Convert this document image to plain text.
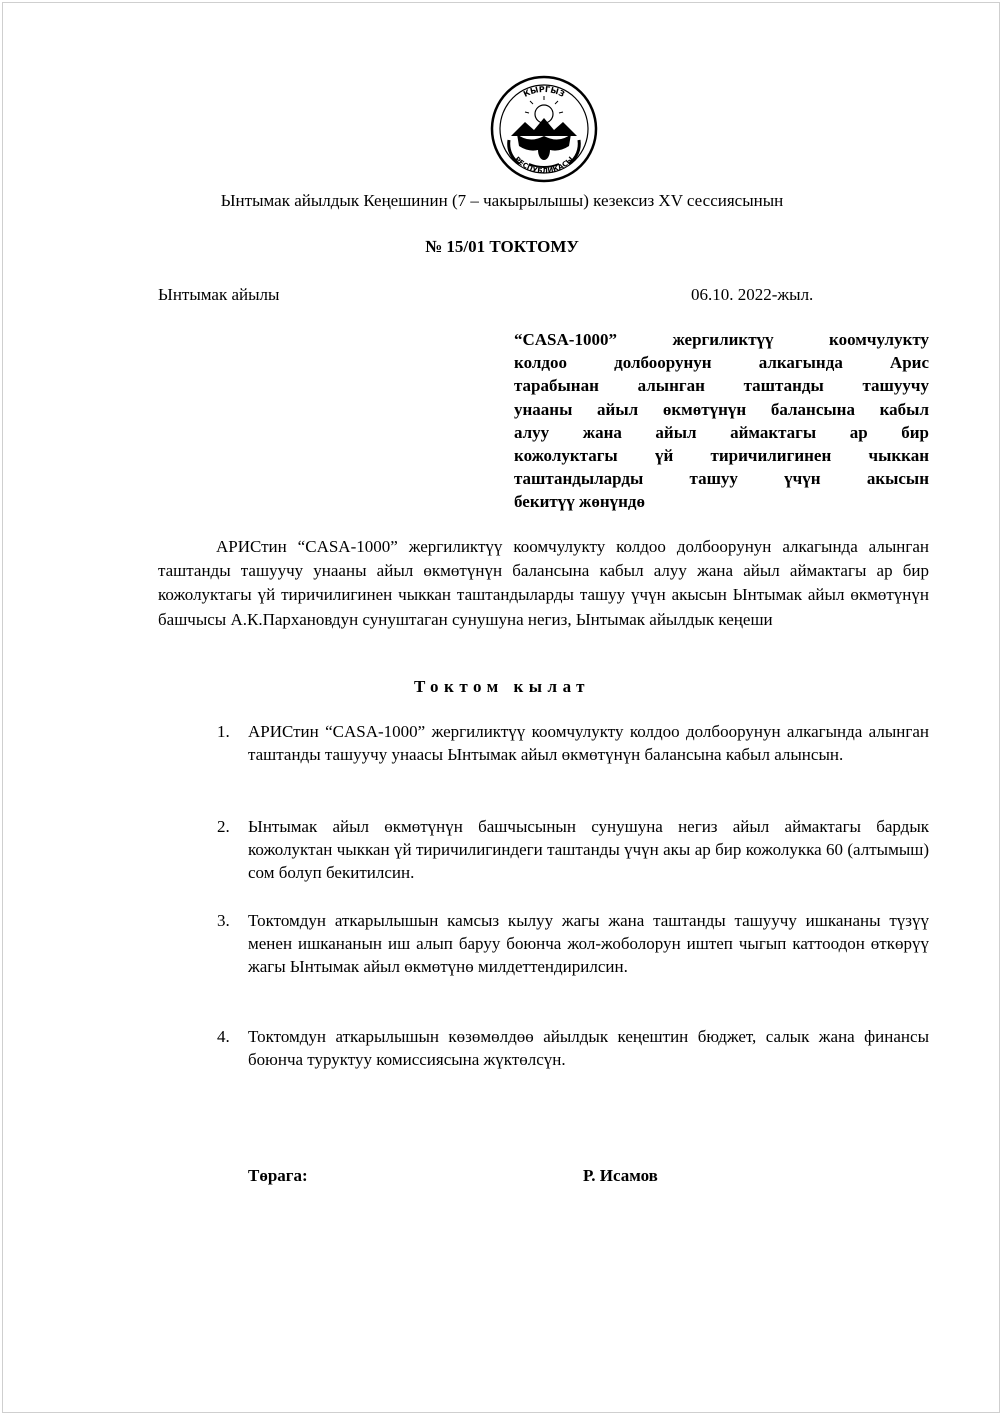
КЫРГЫЗ
РЕСПУБЛИКАСЫ
Ынтымак айылдык Кеңешинин (7 – чакырылышы) кезексиз XV сессиясынын
№ 15/01 ТОКТОМУ
Ынтымак айылы	06.10. 2022-жыл.
“CASA-1000” жергиликтүү коомчулукту
колдоо долбоорунун алкагында Арис
тарабынан алынган таштанды ташуучу
унааны айыл өкмөтүнүн балансына кабыл
алуу жана айыл аймактагы ар бир
кожолуктагы үй тиричилигинен чыккан
таштандыларды ташуу үчүн акысын
бекитүү жөнүндө
АРИСтин “CASA-1000” жергиликтүү коомчулукту колдоо долбоорунун алкагында алынган таштанды ташуучу унааны айыл өкмөтүнүн балансына кабыл алуу жана айыл аймактагы ар бир кожолуктагы үй тиричилигинен чыккан таштандыларды ташуу үчүн акысын Ынтымак айыл өкмөтүнүн башчысы А.К.Пархановдун сунуштаган сунушуна негиз, Ынтымак айылдык кеңеши
Токтом кылат
1. АРИСтин “CASA-1000” жергиликтүү коомчулукту колдоо долбоорунун алкагында алынган таштанды ташуучу унаасы Ынтымак айыл өкмөтүнүн балансына кабыл алынсын.
2. Ынтымак айыл өкмөтүнүн башчысынын сунушуна негиз айыл аймактагы бардык кожолуктан чыккан үй тиричилигиндеги таштанды үчүн акы ар бир кожолукка 60 (алтымыш) сом болуп бекитилсин.
3. Токтомдун аткарылышын камсыз кылуу жагы жана таштанды ташуучу ишкананы түзүү менен ишкананын иш алып баруу боюнча жол-жоболорун иштеп чыгып каттоодон өткөрүү жагы Ынтымак айыл өкмөтүнө милдеттендирилсин.
4. Токтомдун аткарылышын көзөмөлдөө айылдык кеңештин бюджет, салык жана финансы боюнча туруктуу комиссиясына жүктөлсүн.
Төрага:	Р. Исамов
